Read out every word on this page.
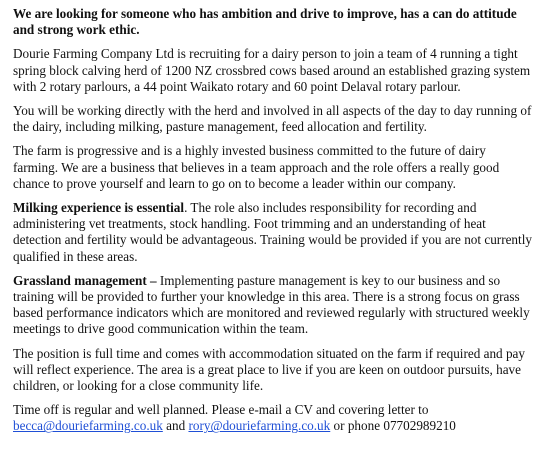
We are looking for someone who has ambition and drive to improve, has a can do attitude and strong work ethic.

Dourie Farming Company Ltd is recruiting for a dairy person to join a team of 4 running a tight spring block calving herd of 1200 NZ crossbred cows based around an established grazing system with 2 rotary parlours, a 44 point Waikato rotary and 60 point Delaval rotary parlour.

You will be working directly with the herd and involved in all aspects of the day to day running of the dairy, including milking, pasture management, feed allocation and fertility.

The farm is progressive and is a highly invested business committed to the future of dairy farming. We are a business that believes in a team approach and the role offers a really good chance to prove yourself and learn to go on to become a leader within our company.

Milking experience is essential. The role also includes responsibility for recording and administering vet treatments, stock handling. Foot trimming and an understanding of heat detection and fertility would be advantageous. Training would be provided if you are not currently qualified in these areas.

Grassland management – Implementing pasture management is key to our business and so training will be provided to further your knowledge in this area. There is a strong focus on grass based performance indicators which are monitored and reviewed regularly with structured weekly meetings to drive good communication within the team.

The position is full time and comes with accommodation situated on the farm if required and pay will reflect experience. The area is a great place to live if you are keen on outdoor pursuits, have children, or looking for a close community life.

Time off is regular and well planned. Please e-mail a CV and covering letter to becca@douriefarming.co.uk and rory@douriefarming.co.uk or phone 07702989210
